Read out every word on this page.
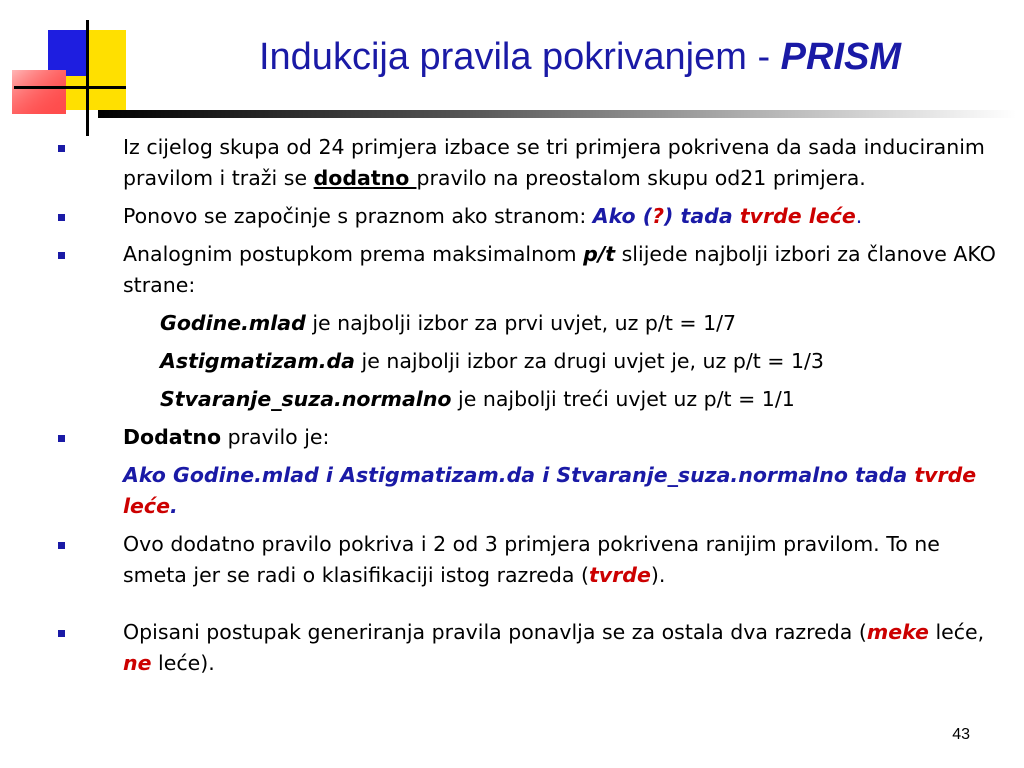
Indukcija pravila pokrivanjem - PRISM
Iz cijelog skupa od 24 primjera izbace se tri primjera pokrivena da sada induciranim pravilom i traži se dodatno pravilo na preostalom skupu od21 primjera.
Ponovo se započinje s praznom ako stranom: Ako (?) tada tvrde leće.
Analognim postupkom prema maksimalnom p/t slijede najbolji izbori za članove AKO strane:
Godine.mlad je najbolji izbor za prvi uvjet, uz p/t = 1/7
Astigmatizam.da je najbolji izbor za drugi uvjet je, uz p/t = 1/3
Stvaranje_suza.normalno je najbolji treći uvjet uz p/t = 1/1
Dodatno pravilo je:
Ako Godine.mlad i Astigmatizam.da i Stvaranje_suza.normalno tada tvrde leće.
Ovo dodatno pravilo pokriva i 2 od 3 primjera pokrivena ranijim pravilom. To ne smeta jer se radi o klasifikaciji istog razreda (tvrde).
Opisani postupak generiranja pravila ponavlja se za ostala dva razreda (meke leće, ne leće).
43
